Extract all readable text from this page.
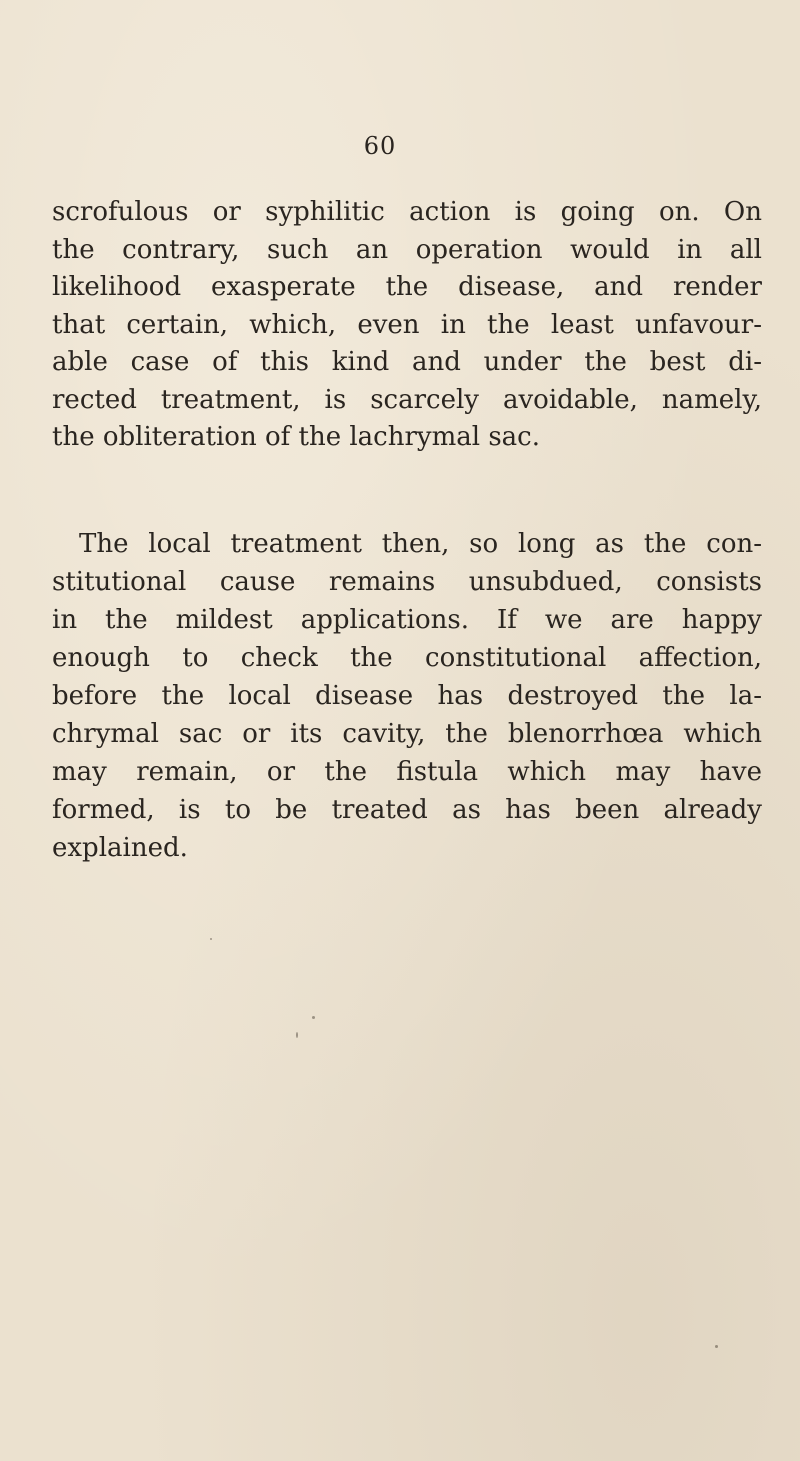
60
scrofulous or syphilitic action is going on. On
the contrary, such an operation would in all
likelihood exasperate the disease, and render
that certain, which, even in the least unfavour-
able case of this kind and under the best di-
rected treatment, is scarcely avoidable, namely,
the obliteration of the lachrymal sac.
The local treatment then, so long as the con-
stitutional cause remains unsubdued, consists
in the mildest applications. If we are happy
enough to check the constitutional affection,
before the local disease has destroyed the la-
chrymal sac or its cavity, the blenorrhœa which
may remain, or the fistula which may have
formed, is to be treated as has been already
explained.
